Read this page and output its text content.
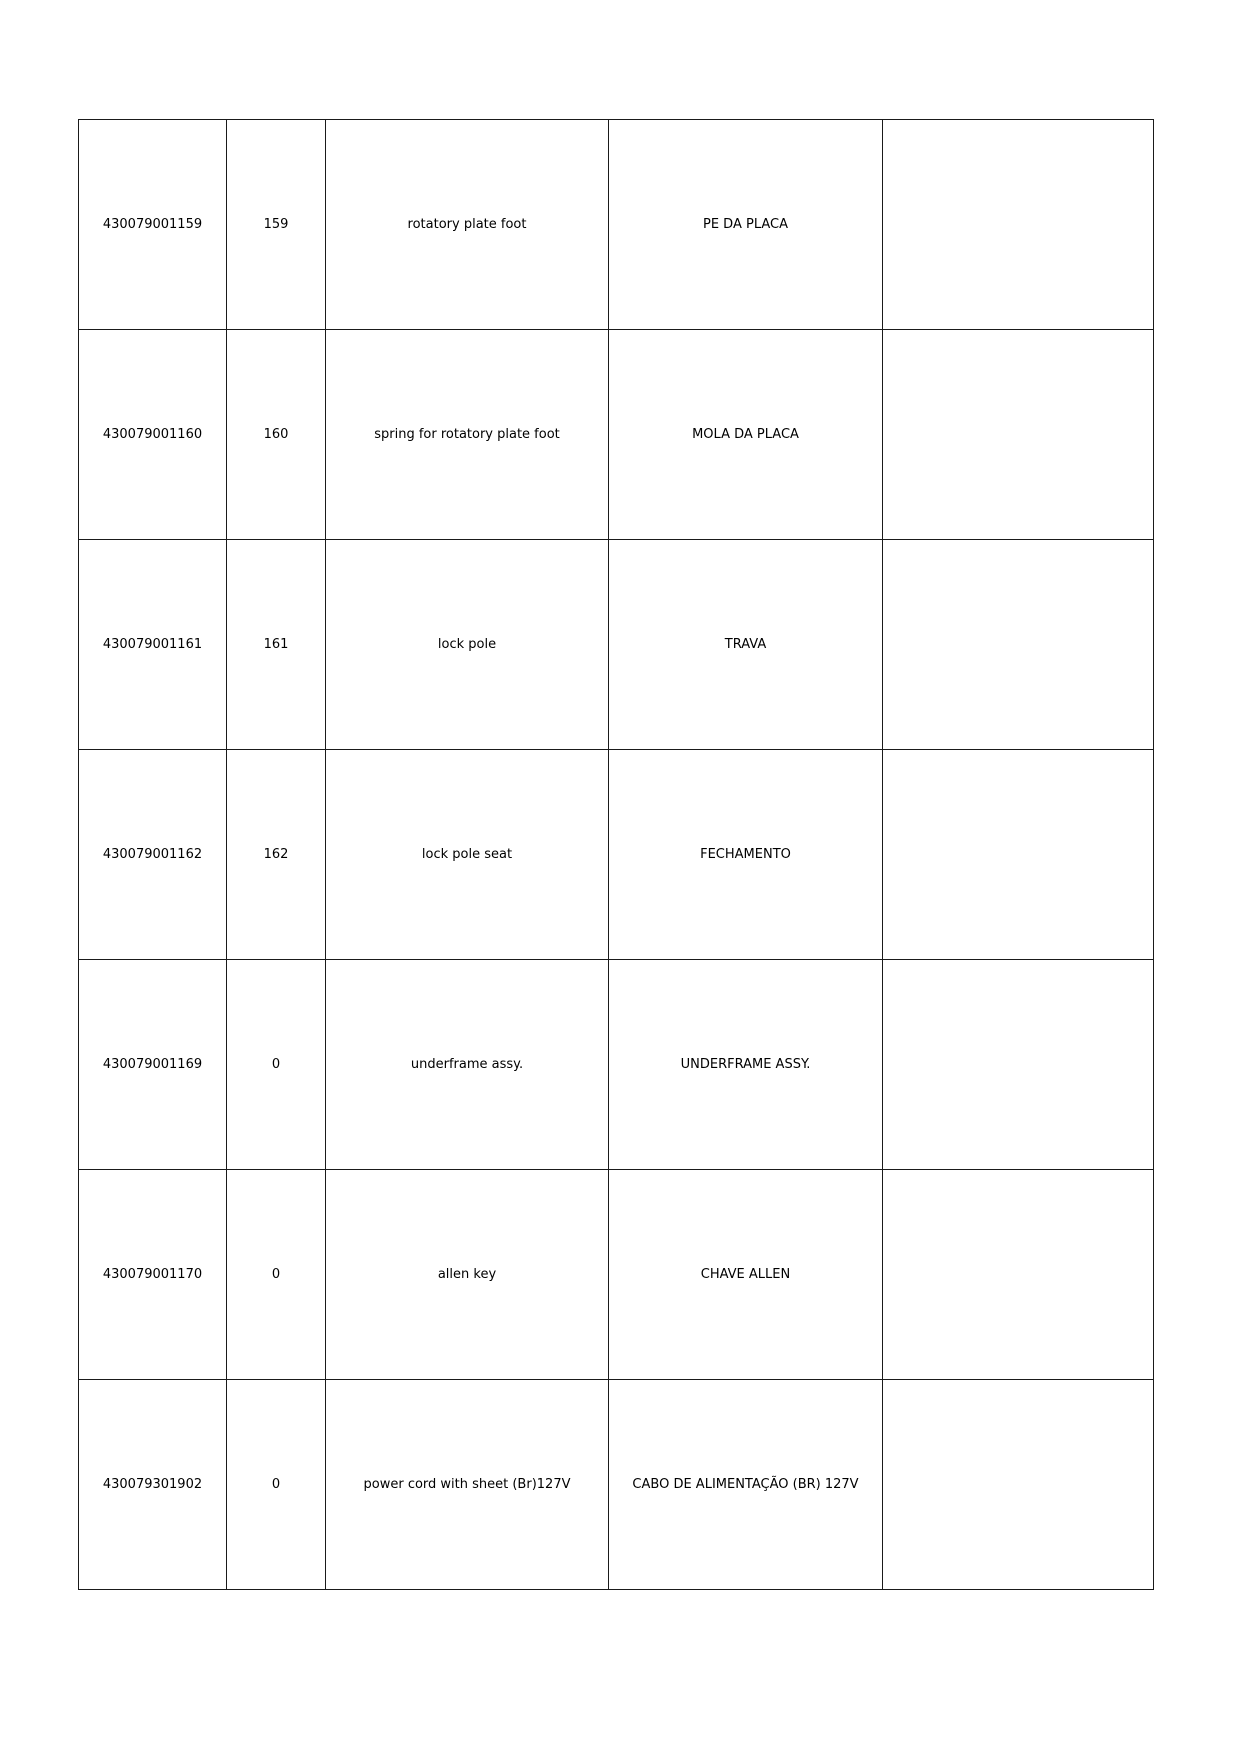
430079001159	159	rotatory plate foot	PE DA PLACA	
430079001160	160	spring for rotatory plate foot	MOLA DA PLACA	
430079001161	161	lock pole	TRAVA	
430079001162	162	lock pole seat	FECHAMENTO	
430079001169	0	underframe assy.	UNDERFRAME ASSY.	
430079001170	0	allen key	CHAVE ALLEN	
430079301902	0	power cord with sheet (Br)127V	CABO DE ALIMENTAÇÃO (BR) 127V	
